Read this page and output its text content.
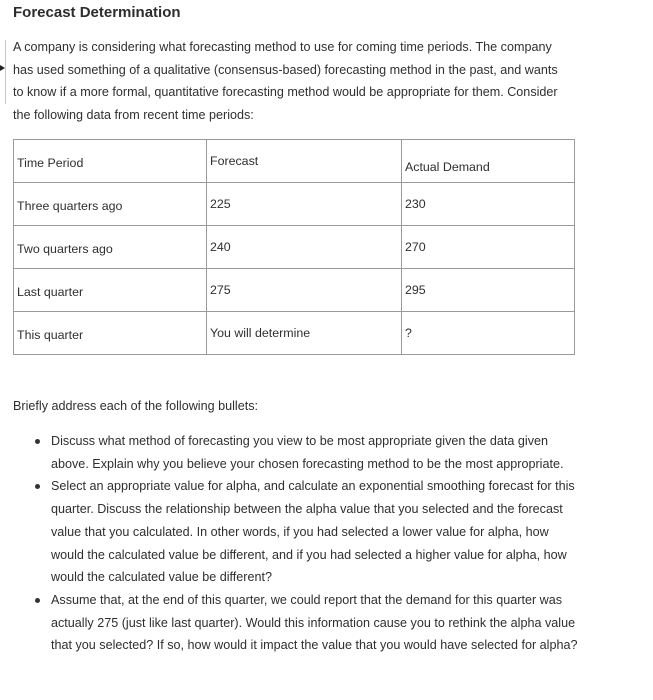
Forecast Determination

A company is considering what forecasting method to use for coming time periods. The company has used something of a qualitative (consensus-based) forecasting method in the past, and wants to know if a more formal, quantitative forecasting method would be appropriate for them. Consider the following data from recent time periods:

Time Period	Forecast	Actual Demand
Three quarters ago	225	230
Two quarters ago	240	270
Last quarter	275	295
This quarter	You will determine	?

Briefly address each of the following bullets:

Discuss what method of forecasting you view to be most appropriate given the data given above. Explain why you believe your chosen forecasting method to be the most appropriate.
Select an appropriate value for alpha, and calculate an exponential smoothing forecast for this quarter. Discuss the relationship between the alpha value that you selected and the forecast value that you calculated. In other words, if you had selected a lower value for alpha, how would the calculated value be different, and if you had selected a higher value for alpha, how would the calculated value be different?
Assume that, at the end of this quarter, we could report that the demand for this quarter was actually 275 (just like last quarter). Would this information cause you to rethink the alpha value that you selected? If so, how would it impact the value that you would have selected for alpha?
